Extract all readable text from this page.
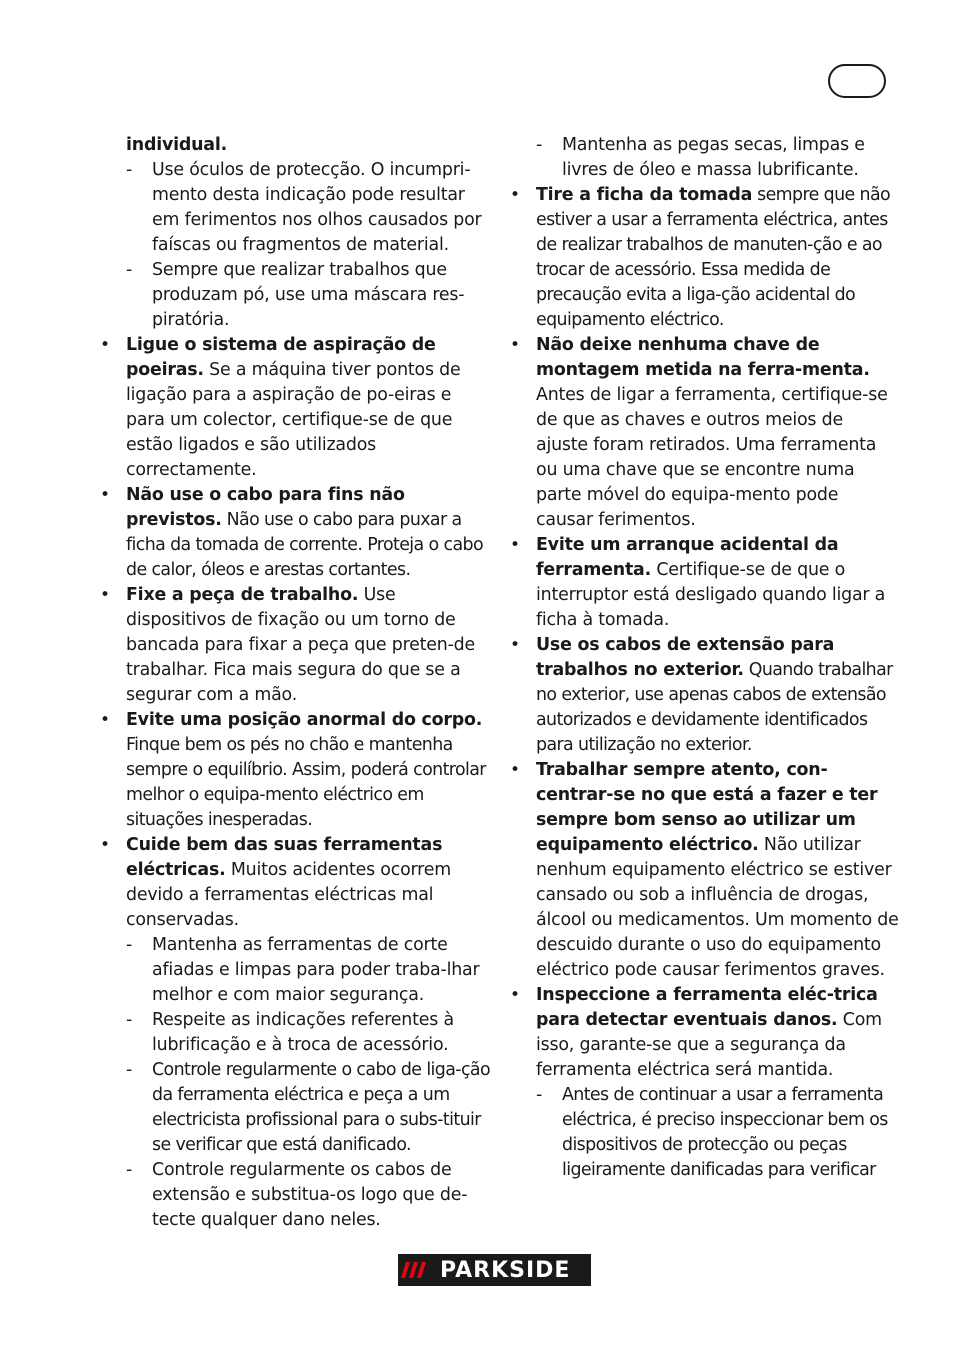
individual.
- Use óculos de protecção. O incumpri-mento desta indicação pode resultar em ferimentos nos olhos causados por faíscas ou fragmentos de material.
- Sempre que realizar trabalhos que produzam pó, use uma máscara res-piratória.
• Ligue o sistema de aspiração de poeiras. Se a máquina tiver pontos de ligação para a aspiração de po-eiras e para um colector, certifique-se de que estão ligados e são utilizados correctamente.
• Não use o cabo para fins não previstos. Não use o cabo para puxar a ficha da tomada de corrente. Proteja o cabo de calor, óleos e arestas cortantes.
• Fixe a peça de trabalho. Use dispositivos de fixação ou um torno de bancada para fixar a peça que preten-de trabalhar. Fica mais segura do que se a segurar com a mão.
• Evite uma posição anormal do corpo. Finque bem os pés no chão e mantenha sempre o equilíbrio. Assim, poderá controlar melhor o equipa-mento eléctrico em situações inesperadas.
• Cuide bem das suas ferramentas eléctricas. Muitos acidentes ocorrem devido a ferramentas eléctricas mal conservadas.
- Mantenha as ferramentas de corte afiadas e limpas para poder traba-lhar melhor e com maior segurança.
- Respeite as indicações referentes à lubrificação e à troca de acessório.
- Controle regularmente o cabo de liga-ção da ferramenta eléctrica e peça a um electricista profissional para o subs-tituir se verificar que está danificado.
- Controle regularmente os cabos de extensão e substitua-os logo que de-tecte qualquer dano neles.
- Mantenha as pegas secas, limpas e livres de óleo e massa lubrificante.
• Tire a ficha da tomada sempre que não estiver a usar a ferramenta eléctrica, antes de realizar trabalhos de manuten-ção e ao trocar de acessório. Essa medida de precaução evita a liga-ção acidental do equipamento eléctrico.
• Não deixe nenhuma chave de montagem metida na ferra-menta. Antes de ligar a ferramenta, certifique-se de que as chaves e outros meios de ajuste foram retirados. Uma ferramenta ou uma chave que se encontre numa parte móvel do equipa-mento pode causar ferimentos.
• Evite um arranque acidental da ferramenta. Certifique-se de que o interruptor está desligado quando ligar a ficha à tomada.
• Use os cabos de extensão para trabalhos no exterior. Quando trabalhar no exterior, use apenas cabos de extensão autorizados e devidamente identificados para utilização no exterior.
• Trabalhar sempre atento, con-centrar-se no que está a fazer e ter sempre bom senso ao utilizar um equipamento eléctrico. Não utilizar nenhum equipamento eléctrico se estiver cansado ou sob a influência de drogas, álcool ou medicamentos. Um momento de descuido durante o uso do equipamento eléctrico pode causar ferimentos graves.
• Inspeccione a ferramenta eléc-trica para detectar eventuais danos. Com isso, garante-se que a segurança da ferramenta eléctrica será mantida.
- Antes de continuar a usar a ferramenta eléctrica, é preciso inspeccionar bem os dispositivos de protecção ou peças ligeiramente danificadas para verificar
PARKSIDE
